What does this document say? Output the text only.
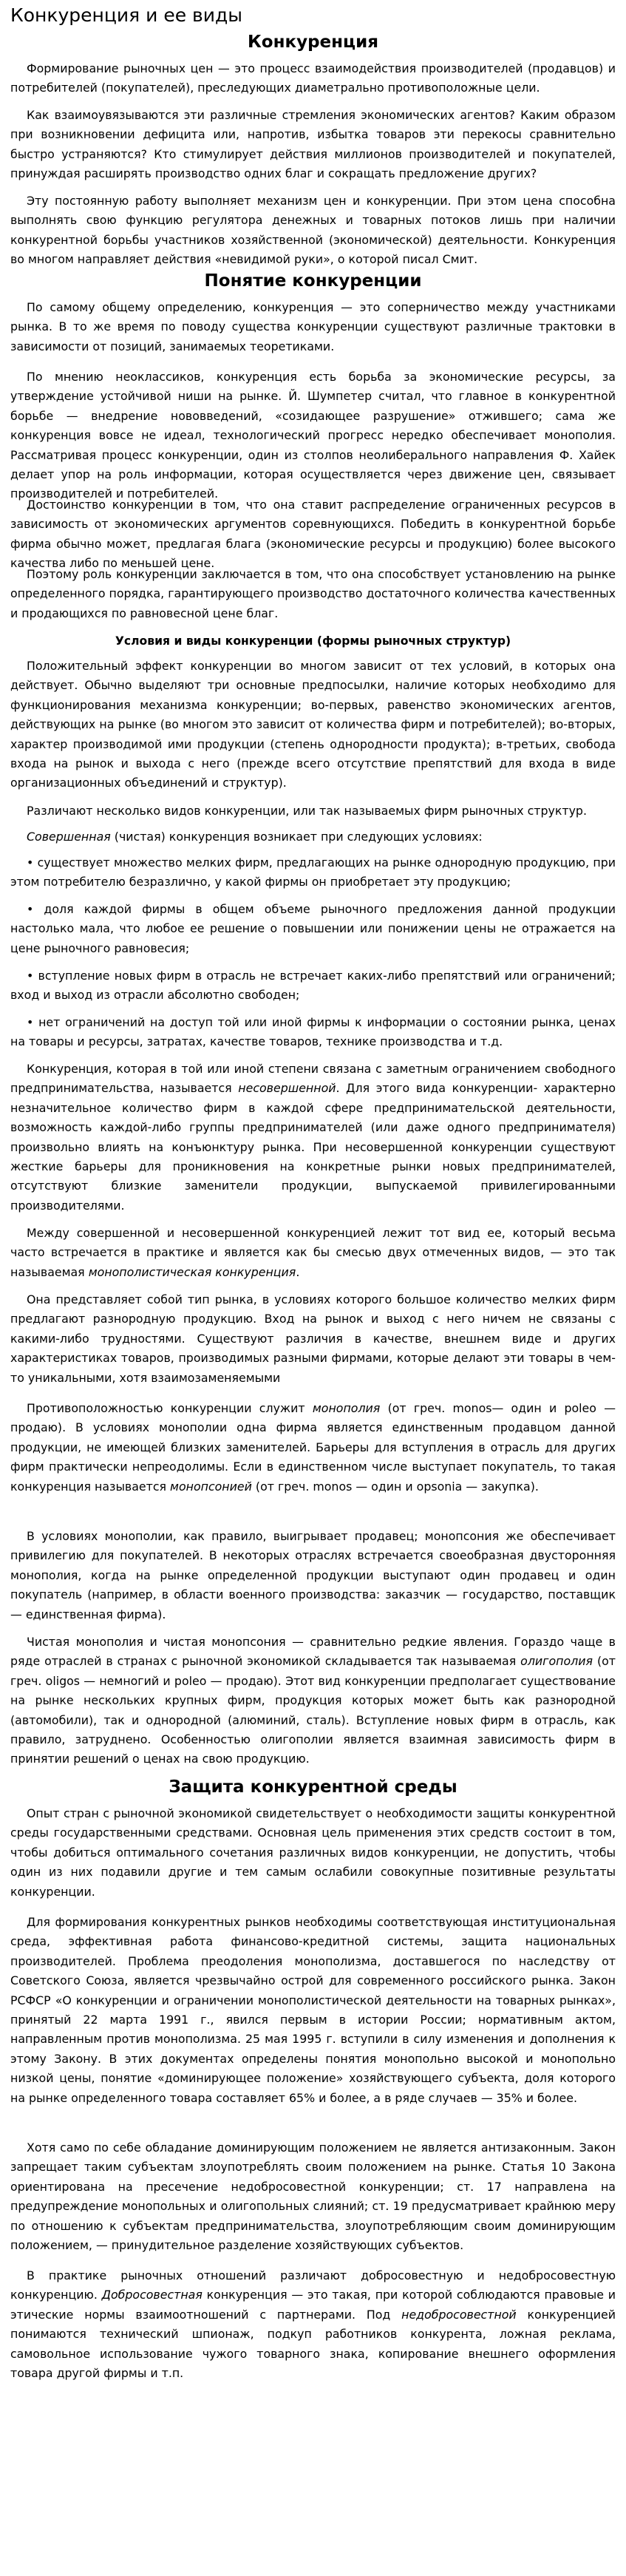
Конкуренция и ее виды
Конкуренция

Формирование рыночных цен — это процесс взаимодействия производителей (продавцов) и потребителей (покупателей), преследующих диаметрально противоположные цели.

Как взаимоувязываются эти различные стремления экономических агентов? Каким образом при возникновении дефицита или, напротив, избытка товаров эти перекосы сравнительно быстро устраняются? Кто стимулирует действия миллионов производителей и покупателей, принуждая расширять производство одних благ и сокращать предложение других?

Эту постоянную работу выполняет механизм цен и конкуренции. При этом цена способна выполнять свою функцию регулятора денежных и товарных потоков лишь при наличии конкурентной борьбы участников хозяйственной (экономической) деятельности. Конкуренция во многом направляет действия «невидимой руки», о которой писал Смит.

Понятие конкуренции

По самому общему определению, конкуренция — это соперничество между участниками рынка. В то же время по поводу существа конкуренции существуют различные трактовки в зависимости от позиций, занимаемых теоретиками.

По мнению неоклассиков, конкуренция есть борьба за экономические ресурсы, за утверждение устойчивой ниши на рынке. Й. Шумпетер считал, что главное в конкурентной борьбе — внедрение нововведений, «созидающее разрушение» отжившего; сама же конкуренция вовсе не идеал, технологический прогресс нередко обеспечивает монополия. Рассматривая процесс конкуренции, один из столпов неолиберального направления Ф. Хайек делает упор на роль информации, которая осуществляется через движение цен, связывает производителей и потребителей.

Достоинство конкуренции в том, что она ставит распределение ограниченных ресурсов в зависимость от экономических аргументов соревнующихся. Победить в конкурентной борьбе фирма обычно может, предлагая блага (экономические ресурсы и продукцию) более высокого качества либо по меньшей цене.

Поэтому роль конкуренции заключается в том, что она способствует установлению на рынке определенного порядка, гарантирующего производство достаточного количества качественных и продающихся по равновесной цене благ.

Условия и виды конкуренции (формы рыночных структур)

Положительный эффект конкуренции во многом зависит от тех условий, в которых она действует. Обычно выделяют три основные предпосылки, наличие которых необходимо для функционирования механизма конкуренции; во-первых, равенство экономических агентов, действующих на рынке (во многом это зависит от количества фирм и потребителей); во-вторых, характер производимой ими продукции (степень однородности продукта); в-третьих, свобода входа на рынок и выхода с него (прежде всего отсутствие препятствий для входа в виде организационных объединений и структур).

Различают несколько видов конкуренции, или так называемых фирм рыночных структур.

Совершенная (чистая) конкуренция возникает при следующих условиях:

• существует множество мелких фирм, предлагающих на рынке однородную продукцию, при этом потребителю безразлично, у какой фирмы он приобретает эту продукцию;

• доля каждой фирмы в общем объеме рыночного предложения данной продукции настолько мала, что любое ее решение о повышении или понижении цены не отражается на цене рыночного равновесия;

• вступление новых фирм в отрасль не встречает каких-либо препятствий или ограничений; вход и выход из отрасли абсолютно свободен;

• нет ограничений на доступ той или иной фирмы к информации о состоянии рынка, ценах на товары и ресурсы, затратах, качестве товаров, технике производства и т.д.

Конкуренция, которая в той или иной степени связана с заметным ограничением свободного предпринимательства, называется несовершенной. Для этого вида конкуренции- характерно незначительное количество фирм в каждой сфере предпринимательской деятельности, возможность каждой-либо группы предпринимателей (или даже одного предпринимателя) произвольно влиять на конъюнктуру рынка. При несовершенной конкуренции существуют жесткие барьеры для проникновения на конкретные рынки новых предпринимателей, отсутствуют близкие заменители продукции, выпускаемой привилегированными производителями.

Между совершенной и несовершенной конкуренцией лежит тот вид ее, который весьма часто встречается в практике и является как бы смесью двух отмеченных видов, — это так называемая монополистическая конкуренция.

Она представляет собой тип рынка, в условиях которого большое количество мелких фирм предлагают разнородную продукцию. Вход на рынок и выход с него ничем не связаны с какими-либо трудностями. Существуют различия в качестве, внешнем виде и других характеристиках товаров, производимых разными фирмами, которые делают эти товары в чем-то уникальными, хотя взаимозаменяемыми

Противоположностью конкуренции служит монополия (от греч. monos— один и poleo — продаю). В условиях монополии одна фирма является единственным продавцом данной продукции, не имеющей близких заменителей. Барьеры для вступления в отрасль для других фирм практически непреодолимы. Если в единственном числе выступает покупатель, то такая конкуренция называется монопсонией (от греч. monos — один и opsonia — закупка).

В условиях монополии, как правило, выигрывает продавец; монопсония же обеспечивает привилегию для покупателей. В некоторых отраслях встречается своеобразная двусторонняя монополия, когда на рынке определенной продукции выступают один продавец и один покупатель (например, в области военного производства: заказчик — государство, поставщик — единственная фирма).

Чистая монополия и чистая монопсония — сравнительно редкие явления. Гораздо чаще в ряде отраслей в странах с рыночной экономикой складывается так называемая олигополия (от греч. oligos — немногий и poleo — продаю). Этот вид конкуренции предполагает существование на рынке нескольких крупных фирм, продукция которых может быть как разнородной (автомобили), так и однородной (алюминий, сталь). Вступление новых фирм в отрасль, как правило, затруднено. Особенностью олигополии является взаимная зависимость фирм в принятии решений о ценах на свою продукцию.

Защита конкурентной среды

Опыт стран с рыночной экономикой свидетельствует о необходимости защиты конкурентной среды государственными средствами. Основная цель применения этих средств состоит в том, чтобы добиться оптимального сочетания различных видов конкуренции, не допустить, чтобы один из них подавили другие и тем самым ослабили совокупные позитивные результаты конкуренции.

Для формирования конкурентных рынков необходимы соответствующая институциональная среда, эффективная работа финансово-кредитной системы, защита национальных производителей. Проблема преодоления монополизма, доставшегося по наследству от Советского Союза, является чрезвычайно острой для современного российского рынка. Закон РСФСР «О конкуренции и ограничении монополистической деятельности на товарных рынках», принятый 22 марта 1991 г., явился первым в истории России; нормативным актом, направленным против монополизма. 25 мая 1995 г. вступили в силу изменения и дополнения к этому Закону. В этих документах определены понятия монопольно высокой и монопольно низкой цены, понятие «доминирующее положение» хозяйствующего субъекта, доля которого на рынке определенного товара составляет 65% и более, а в ряде случаев — 35% и более.

Хотя само по себе обладание доминирующим положением не является антизаконным. Закон запрещает таким субъектам злоупотреблять своим положением на рынке. Статья 10 Закона ориентирована на пресечение недобросовестной конкуренции; ст. 17 направлена на предупреждение монопольных и олигопольных слияний; ст. 19 предусматривает крайнюю меру по отношению к субъектам предпринимательства, злоупотребляющим своим доминирующим положением, — принудительное разделение хозяйствующих субъектов.

В практике рыночных отношений различают добросовестную и недобросовестную конкуренцию. Добросовестная конкуренция — это такая, при которой соблюдаются правовые и этические нормы взаимоотношений с партнерами. Под недобросовестной конкуренцией понимаются технический шпионаж, подкуп работников конкурента, ложная реклама, самовольное использование чужого товарного знака, копирование внешнего оформления товара другой фирмы и т.п.
